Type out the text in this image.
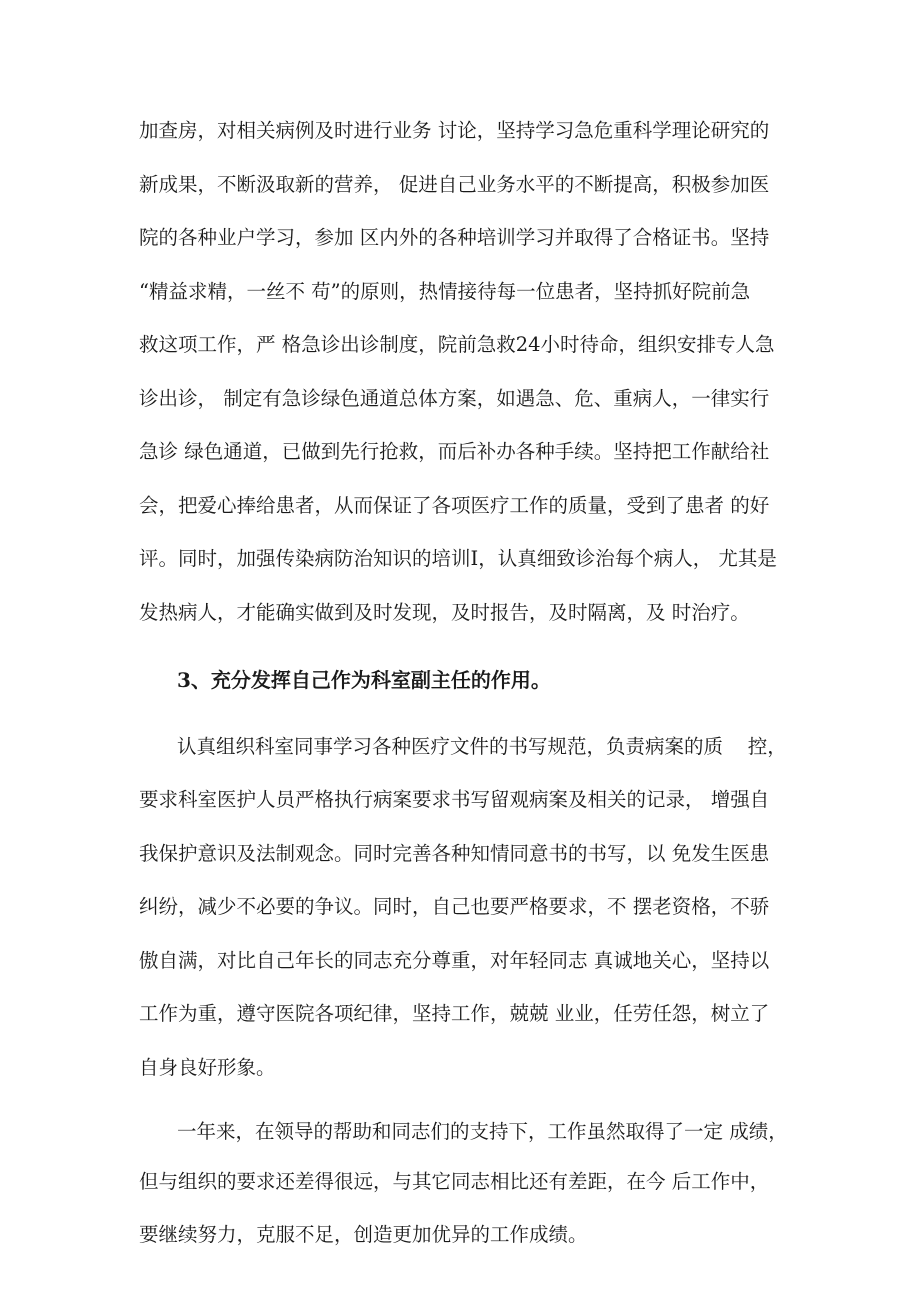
加查房，对相关病例及时进行业务 讨论，坚持学习急危重科学理论研究的
新成果，不断汲取新的营养， 促进自己业务水平的不断提高，积极参加医
院的各种业户学习，参加 区内外的各种培训学习并取得了合格证书。坚持
“精益求精，一丝不 苟”的原则，热情接待每一位患者，坚持抓好院前急
救这项工作，严 格急诊出诊制度，院前急救24小时待命，组织安排专人急
诊出诊， 制定有急诊绿色通道总体方案，如遇急、危、重病人，一律实行
急诊 绿色通道，已做到先行抢救，而后补办各种手续。坚持把工作献给社
会，把爱心捧给患者，从而保证了各项医疗工作的质量，受到了患者 的好
评。同时，加强传染病防治知识的培训I，认真细致诊治每个病人， 尤其是
发热病人，才能确实做到及时发现，及时报告，及时隔离，及 时治疗。
3、充分发挥自己作为科室副主任的作用。
认真组织科室同事学习各种医疗文件的书写规范，负责病案的质    控，
要求科室医护人员严格执行病案要求书写留观病案及相关的记录， 增强自
我保护意识及法制观念。同时完善各种知情同意书的书写，以 免发生医患
纠纷，减少不必要的争议。同时，自己也要严格要求，不 摆老资格，不骄
傲自满，对比自己年长的同志充分尊重，对年轻同志 真诚地关心，坚持以
工作为重，遵守医院各项纪律，坚持工作，兢兢 业业，任劳任怨，树立了
自身良好形象。
一年来，在领导的帮助和同志们的支持下，工作虽然取得了一定 成绩，
但与组织的要求还差得很远，与其它同志相比还有差距，在今 后工作中，
要继续努力，克服不足，创造更加优异的工作成绩。
